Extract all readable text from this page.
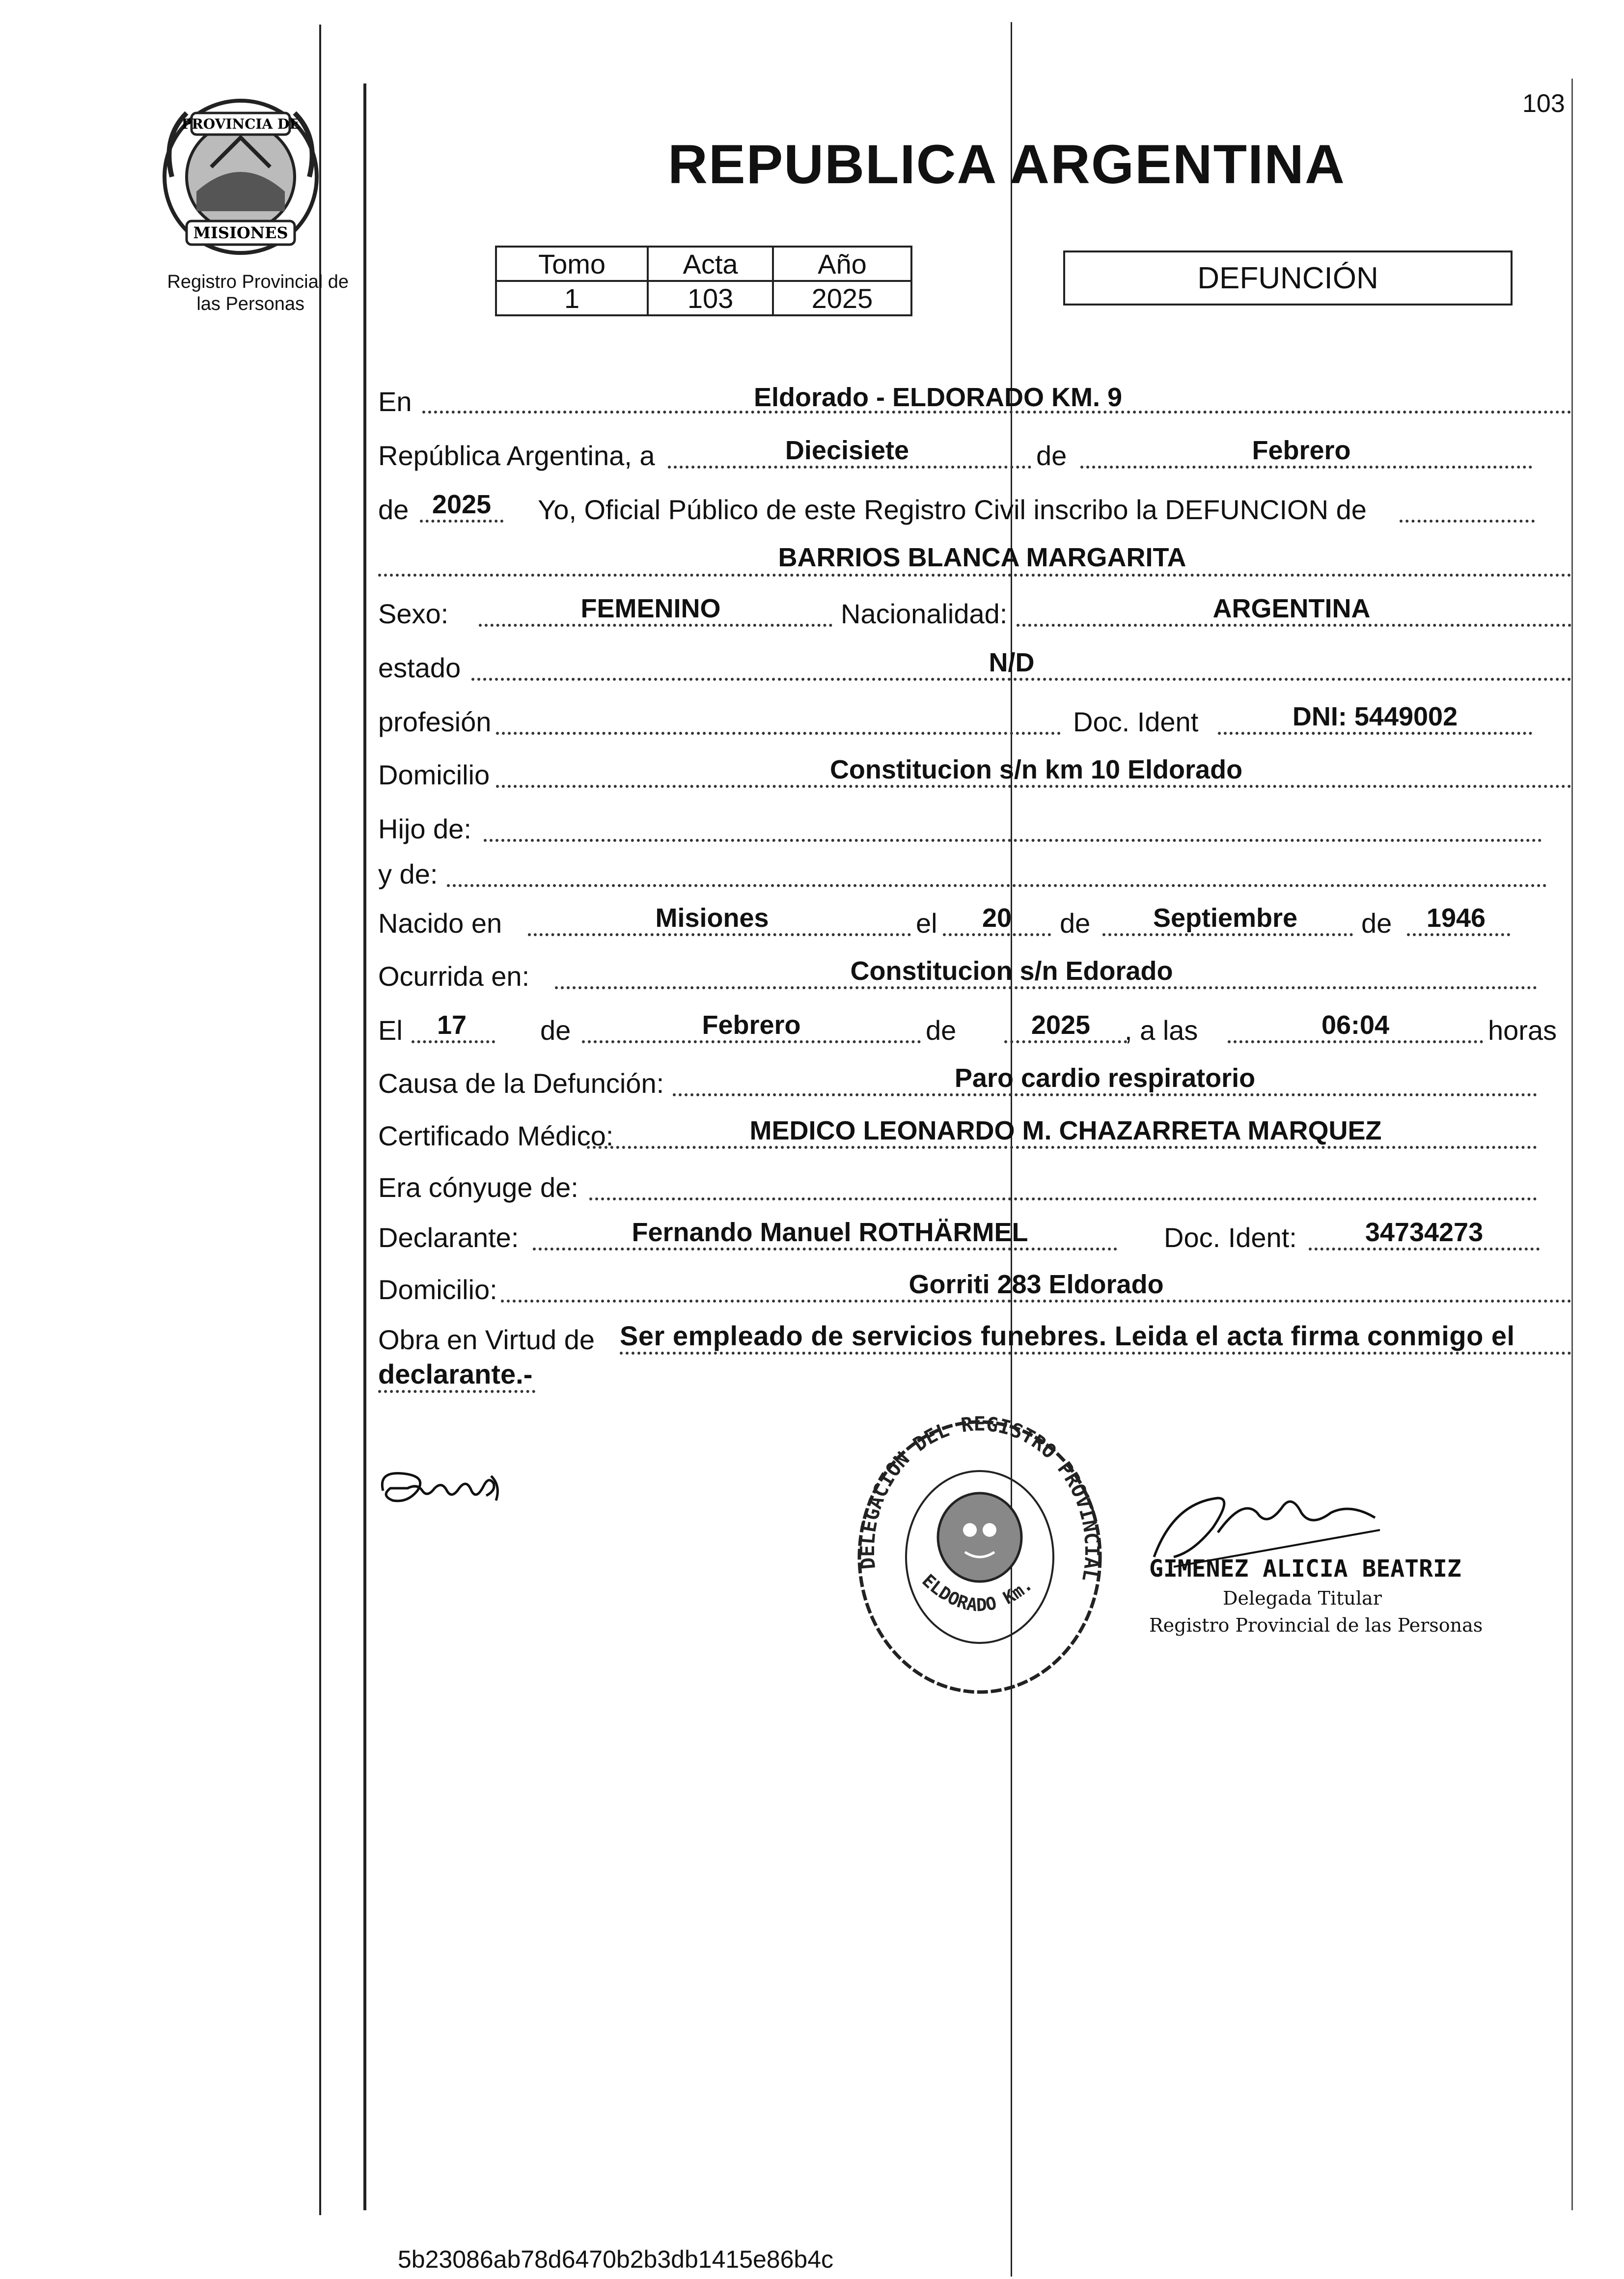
103
PROVINCIA DE
MISIONES
Registro Provincial de
las Personas
REPUBLICA ARGENTINA
Tomo	Acta	Año
1	103	2025
DEFUNCIÓN
En	Eldorado - ELDORADO KM. 9
República Argentina, a	Diecisiete	de	Febrero
de 2025	Yo, Oficial Público de este Registro Civil inscribo la DEFUNCION de
BARRIOS BLANCA MARGARITA
Sexo:	FEMENINO	Nacionalidad:	ARGENTINA
estado	N/D
profesión	Doc. Ident	DNI: 5449002
Domicilio	Constitucion s/n km 10 Eldorado
Hijo de:
y de:
Nacido en	Misiones	el	20	de	Septiembre	de	1946
Ocurrida en:	Constitucion s/n Edorado
El	17	de	Febrero	de	2025	, a las	06:04	horas
Causa de la Defunción:	Paro cardio respiratorio
Certificado Médico:	MEDICO LEONARDO M. CHAZARRETA MARQUEZ
Era cónyuge de:
Declarante:	Fernando Manuel ROTHÄRMEL	Doc. Ident:	34734273
Domicilio:	Gorriti 283 Eldorado
Obra en Virtud de Ser empleado de servicios funebres. Leida el acta firma conmigo el
declarante.-
DELEGACION DEL REGISTRO PROVINCIAL
ELDORADO Km.
GIMENEZ ALICIA BEATRIZ
Delegada Titular
Registro Provincial de las Personas
5b23086ab78d6470b2b3db1415e86b4c
